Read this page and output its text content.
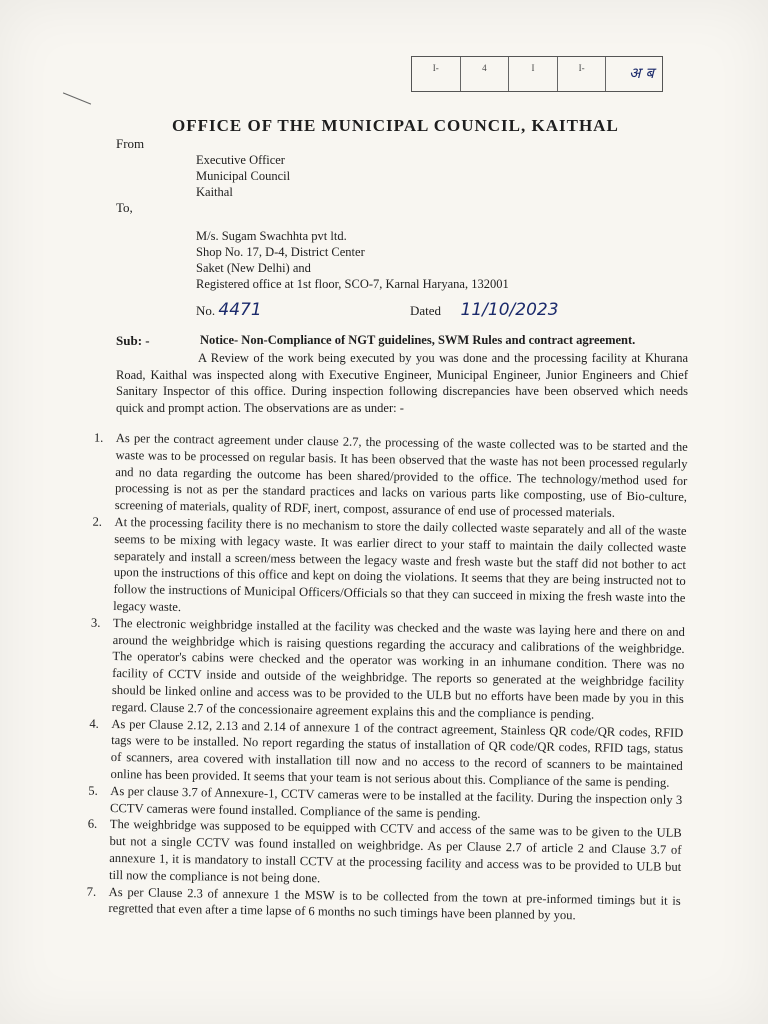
I-	4	I	I-	अ ब
OFFICE OF THE MUNICIPAL COUNCIL, KAITHAL
From
Executive Officer
Municipal Council
Kaithal
To,
M/s. Sugam Swachhta pvt ltd.
Shop No. 17, D-4, District Center
Saket (New Delhi) and
Registered office at 1st floor, SCO-7, Karnal Haryana, 132001
No. 4471	Dated 11/10/2023
Sub: -	Notice- Non-Compliance of NGT guidelines, SWM Rules and contract agreement.

A Review of the work being executed by you was done and the processing facility at Khurana Road, Kaithal was inspected along with Executive Engineer, Municipal Engineer, Junior Engineers and Chief Sanitary Inspector of this office. During inspection following discrepancies have been observed which needs quick and prompt action. The observations are as under: -

1. As per the contract agreement under clause 2.7, the processing of the waste collected was to be started and the waste was to be processed on regular basis. It has been observed that the waste has not been processed regularly and no data regarding the outcome has been shared/provided to the office. The technology/method used for processing is not as per the standard practices and lacks on various parts like composting, use of Bio-culture, screening of materials, quality of RDF, inert, compost, assurance of end use of processed materials.
2. At the processing facility there is no mechanism to store the daily collected waste separately and all of the waste seems to be mixing with legacy waste. It was earlier direct to your staff to maintain the daily collected waste separately and install a screen/mess between the legacy waste and fresh waste but the staff did not bother to act upon the instructions of this office and kept on doing the violations. It seems that they are being instructed not to follow the instructions of Municipal Officers/Officials so that they can succeed in mixing the fresh waste into the legacy waste.
3. The electronic weighbridge installed at the facility was checked and the waste was laying here and there on and around the weighbridge which is raising questions regarding the accuracy and calibrations of the weighbridge. The operator's cabins were checked and the operator was working in an inhumane condition. There was no facility of CCTV inside and outside of the weighbridge. The reports so generated at the weighbridge facility should be linked online and access was to be provided to the ULB but no efforts have been made by you in this regard. Clause 2.7 of the concessionaire agreement explains this and the compliance is pending.
4. As per Clause 2.12, 2.13 and 2.14 of annexure 1 of the contract agreement, Stainless QR code/QR codes, RFID tags were to be installed. No report regarding the status of installation of QR code/QR codes, RFID tags, status of scanners, area covered with installation till now and no access to the record of scanners to be maintained online has been provided. It seems that your team is not serious about this. Compliance of the same is pending.
5. As per clause 3.7 of Annexure-1, CCTV cameras were to be installed at the facility. During the inspection only 3 CCTV cameras were found installed. Compliance of the same is pending.
6. The weighbridge was supposed to be equipped with CCTV and access of the same was to be given to the ULB but not a single CCTV was found installed on weighbridge. As per Clause 2.7 of article 2 and Clause 3.7 of annexure 1, it is mandatory to install CCTV at the processing facility and access was to be provided to ULB but till now the compliance is not being done.
7. As per Clause 2.3 of annexure 1 the MSW is to be collected from the town at pre-informed timings but it is regretted that even after a time lapse of 6 months no such timings have been planned by you.
